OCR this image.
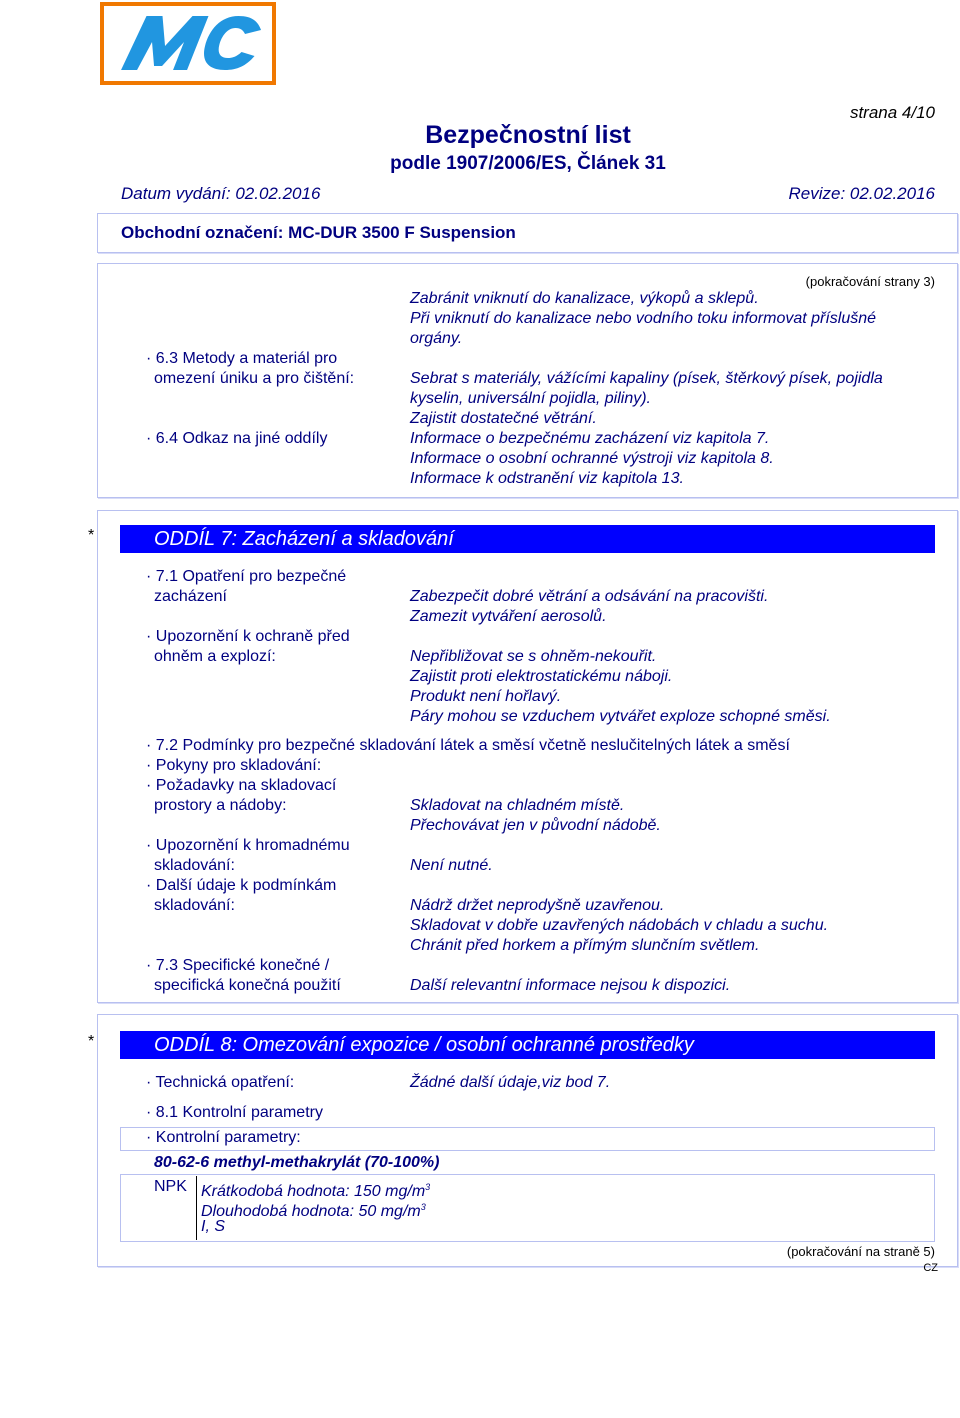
strana 4/10
Bezpečnostní list
podle 1907/2006/ES, Článek 31
Datum vydání: 02.02.2016	Revize: 02.02.2016
Obchodní označení: MC-DUR 3500 F Suspension
(pokračování strany 3)
Zabránit vniknutí do kanalizace, výkopů a sklepů.
Při vniknutí do kanalizace nebo vodního toku informovat příslušné
orgány.
· 6.3 Metody a materiál pro
omezení úniku a pro čištění:	Sebrat s materiály, vážícími kapaliny (písek, štěrkový písek, pojidla
kyselin, universální pojidla, piliny).
Zajistit dostatečné větrání.
· 6.4 Odkaz na jiné oddíly	Informace o bezpečnému zacházení viz kapitola 7.
Informace o osobní ochranné výstroji viz kapitola 8.
Informace k odstranění viz kapitola 13.
*	ODDÍL 7: Zacházení a skladování
· 7.1 Opatření pro bezpečné
zacházení	Zabezpečit dobré větrání a odsávání na pracovišti.
Zamezit vytváření aerosolů.
· Upozornění k ochraně před
ohněm a explozí:	Nepřibližovat se s ohněm-nekouřit.
Zajistit proti elektrostatickému náboji.
Produkt není hořlavý.
Páry mohou se vzduchem vytvářet exploze schopné směsi.
· 7.2 Podmínky pro bezpečné skladování látek a směsí včetně neslučitelných látek a směsí
· Pokyny pro skladování:
· Požadavky na skladovací
prostory a nádoby:	Skladovat na chladném místě.
Přechovávat jen v původní nádobě.
· Upozornění k hromadnému
skladování:	Není nutné.
· Další údaje k podmínkám
skladování:	Nádrž držet neprodyšně uzavřenou.
Skladovat v dobře uzavřených nádobách v chladu a suchu.
Chránit před horkem a přímým slunčním světlem.
· 7.3 Specifické konečné /
specifická konečná použití	Další relevantní informace nejsou k dispozici.
*	ODDÍL 8: Omezování expozice / osobní ochranné prostředky
· Technická opatření:	Žádné další údaje,viz bod 7.
· 8.1 Kontrolní parametry
· Kontrolní parametry:
80-62-6 methyl-methakrylát (70-100%)
NPK Krátkodobá hodnota: 150 $mg/m^3$
Dlouhodobá hodnota: 50 $mg/m^3$
I, S
(pokračování na straně 5)
CZ
